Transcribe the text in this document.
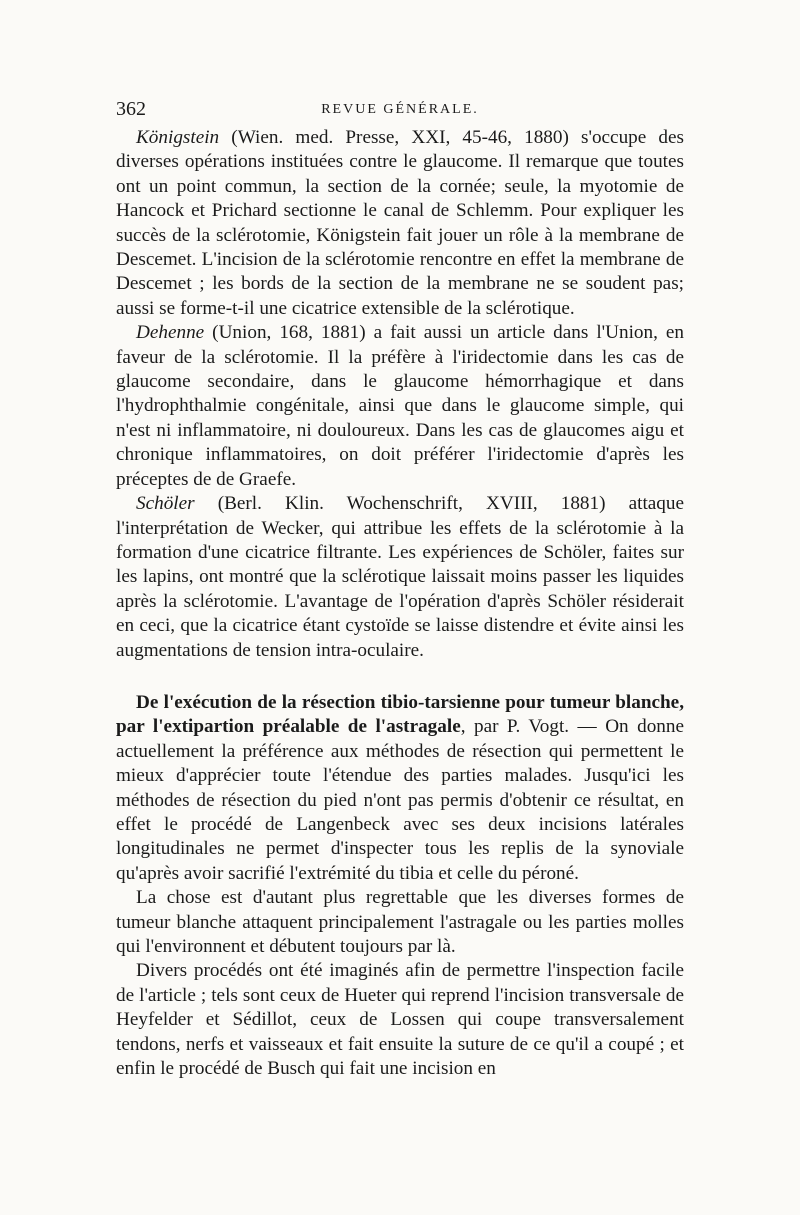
362	REVUE GÉNÉRALE.

Königstein (Wien. med. Presse, XXI, 45-46, 1880) s'occupe des diverses opérations instituées contre le glaucome. Il remarque que toutes ont un point commun, la section de la cornée; seule, la myotomie de Hancock et Prichard sectionne le canal de Schlemm. Pour expliquer les succès de la sclérotomie, Königstein fait jouer un rôle à la membrane de Descemet. L'incision de la sclérotomie rencontre en effet la membrane de Descemet ; les bords de la section de la membrane ne se soudent pas; aussi se forme-t-il une cicatrice extensible de la sclérotique.

Dehenne (Union, 168, 1881) a fait aussi un article dans l'Union, en faveur de la sclérotomie. Il la préfère à l'iridectomie dans les cas de glaucome secondaire, dans le glaucome hémorrhagique et dans l'hydrophthalmie congénitale, ainsi que dans le glaucome simple, qui n'est ni inflammatoire, ni douloureux. Dans les cas de glaucomes aigu et chronique inflammatoires, on doit préférer l'iridectomie d'après les préceptes de de Graefe.

Schöler (Berl. Klin. Wochenschrift, XVIII, 1881) attaque l'interprétation de Wecker, qui attribue les effets de la sclérotomie à la formation d'une cicatrice filtrante. Les expériences de Schöler, faites sur les lapins, ont montré que la sclérotique laissait moins passer les liquides après la sclérotomie. L'avantage de l'opération d'après Schöler résiderait en ceci, que la cicatrice étant cystoïde se laisse distendre et évite ainsi les augmentations de tension intra-oculaire.

De l'exécution de la résection tibio-tarsienne pour tumeur blanche, par l'extipartion préalable de l'astragale, par P. Vogt. — On donne actuellement la préférence aux méthodes de résection qui permettent le mieux d'apprécier toute l'étendue des parties malades. Jusqu'ici les méthodes de résection du pied n'ont pas permis d'obtenir ce résultat, en effet le procédé de Langenbeck avec ses deux incisions latérales longitudinales ne permet d'inspecter tous les replis de la synoviale qu'après avoir sacrifié l'extrémité du tibia et celle du péroné.

La chose est d'autant plus regrettable que les diverses formes de tumeur blanche attaquent principalement l'astragale ou les parties molles qui l'environnent et débutent toujours par là.

Divers procédés ont été imaginés afin de permettre l'inspection facile de l'article ; tels sont ceux de Hueter qui reprend l'incision transversale de Heyfelder et Sédillot, ceux de Lossen qui coupe transversalement tendons, nerfs et vaisseaux et fait ensuite la suture de ce qu'il a coupé ; et enfin le procédé de Busch qui fait une incision en
